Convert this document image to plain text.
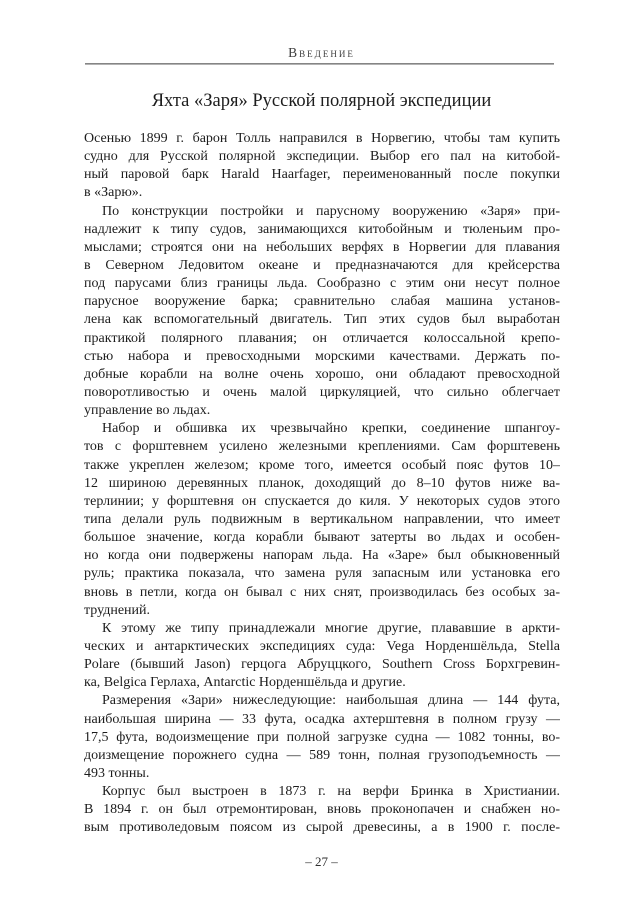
Введение
Яхта «Заря» Русской полярной экспедиции
Осенью 1899 г. барон Толль направился в Норвегию, чтобы там купить
судно для Русской полярной экспедиции. Выбор его пал на китобой-
ный паровой барк Harald Haarfager, переименованный после покупки
в «Зарю».
По конструкции постройки и парусному вооружению «Заря» при-
надлежит к типу судов, занимающихся китобойным и тюленьим про-
мыслами; строятся они на небольших верфях в Норвегии для плавания
в Северном Ледовитом океане и предназначаются для крейсерства
под парусами близ границы льда. Сообразно с этим они несут полное
парусное вооружение барка; сравнительно слабая машина установ-
лена как вспомогательный двигатель. Тип этих судов был выработан
практикой полярного плавания; он отличается колоссальной крепо-
стью набора и превосходными морскими качествами. Держать по-
добные корабли на волне очень хорошо, они обладают превосходной
поворотливостью и очень малой циркуляцией, что сильно облегчает
управление во льдах.
Набор и обшивка их чрезвычайно крепки, соединение шпангоу-
тов с форштевнем усилено железными креплениями. Сам форштевень
также укреплен железом; кроме того, имеется особый пояс футов 10–
12 шириною деревянных планок, доходящий до 8–10 футов ниже ва-
терлинии; у форштевня он спускается до киля. У некоторых судов этого
типа делали руль подвижным в вертикальном направлении, что имеет
большое значение, когда корабли бывают затерты во льдах и особен-
но когда они подвержены напорам льда. На «Заре» был обыкновенный
руль; практика показала, что замена руля запасным или установка его
вновь в петли, когда он бывал с них снят, производилась без особых за-
труднений.
К этому же типу принадлежали многие другие, плававшие в аркти-
ческих и антарктических экспедициях суда: Vega Норденшёльда, Stella
Polare (бывший Jason) герцога Абруццкого, Southern Cross Борхгревин-
ка, Belgica Герлаха, Antarctic Норденшёльда и другие.
Размерения «Зари» нижеследующие: наибольшая длина — 144 фута,
наибольшая ширина — 33 фута, осадка ахтерштевня в полном грузу —
17,5 фута, водоизмещение при полной загрузке судна — 1082 тонны, во-
доизмещение порожнего судна — 589 тонн, полная грузоподъемность —
493 тонны.
Корпус был выстроен в 1873 г. на верфи Бринка в Христиании.
В 1894 г. он был отремонтирован, вновь проконопачен и снабжен но-
вым противоледовым поясом из сырой древесины, а в 1900 г. после-
– 27 –
